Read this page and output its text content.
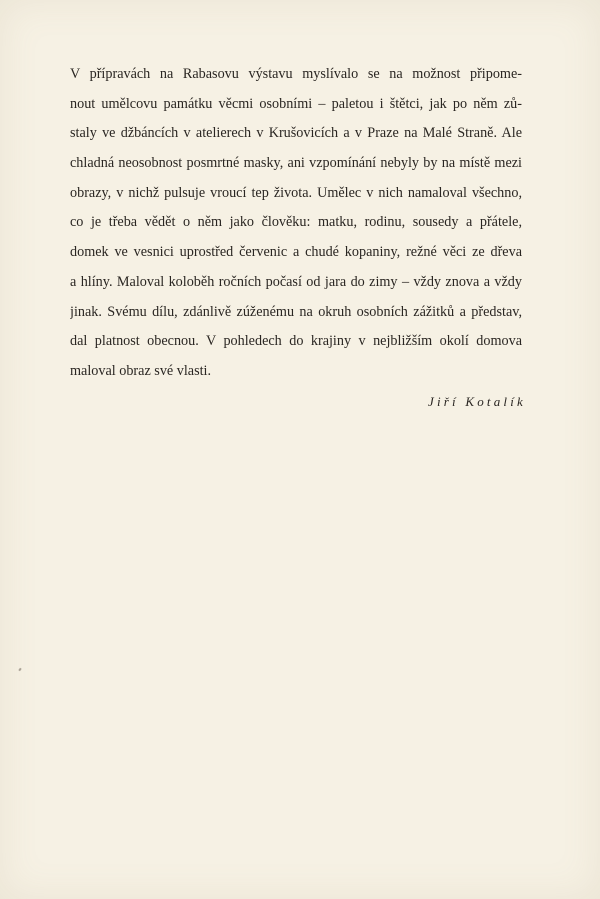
V přípravách na Rabasovu výstavu myslívalo se na možnost připome-
nout umělcovu památku věcmi osobními – paletou i štětci, jak po něm zů-
staly ve džbáncích v atelierech v Krušovicích a v Praze na Malé Straně. Ale
chladná neosobnost posmrtné masky, ani vzpomínání nebyly by na místě mezi
obrazy, v nichž pulsuje vroucí tep života. Umělec v nich namaloval všechno,
co je třeba vědět o něm jako člověku: matku, rodinu, sousedy a přátele,
domek ve vesnici uprostřed červenic a chudé kopaniny, režné věci ze dřeva
a hlíny. Maloval koloběh ročních počasí od jara do zimy – vždy znova a vždy
jinak. Svému dílu, zdánlivě zúženému na okruh osobních zážitků a představ,
dal platnost obecnou. V pohledech do krajiny v nejbližším okolí domova
maloval obraz své vlasti.
Jiří Kotalík
